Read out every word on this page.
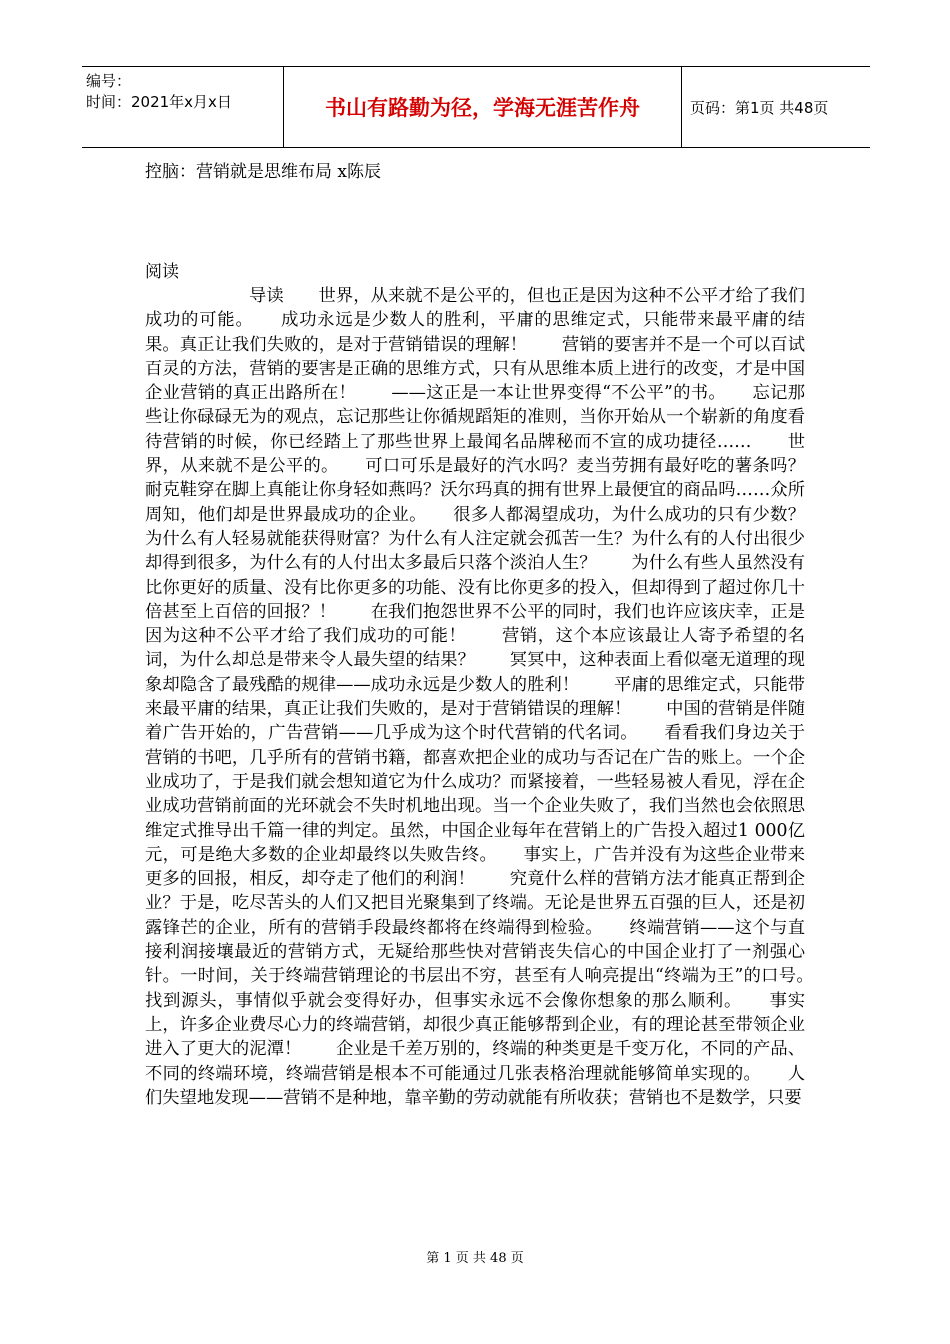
编号：
时间：2021年x月x日	书山有路勤为径，学海无涯苦作舟	页码：第1页 共48页
控脑：营销就是思维布局 x陈辰
阅读

导读　　世界，从来就不是公平的，但也正是因为这种不公平才给了我们成功的可能。　　成功永远是少数人的胜利，平庸的思维定式，只能带来最平庸的结果。真正让我们失败的，是对于营销错误的理解！　　营销的要害并不是一个可以百试百灵的方法，营销的要害是正确的思维方式，只有从思维本质上进行的改变，才是中国企业营销的真正出路所在！　　——这正是一本让世界变得“不公平”的书。　　忘记那些让你碌碌无为的观点，忘记那些让你循规蹈矩的准则，当你开始从一个崭新的角度看待营销的时候，你已经踏上了那些世界上最闻名品牌秘而不宣的成功捷径……　　世界，从来就不是公平的。　　可口可乐是最好的汽水吗？麦当劳拥有最好吃的薯条吗？耐克鞋穿在脚上真能让你身轻如燕吗？沃尔玛真的拥有世界上最便宜的商品吗……众所周知，他们却是世界最成功的企业。　　很多人都渴望成功，为什么成功的只有少数？　　为什么有人轻易就能获得财富？为什么有人注定就会孤苦一生？为什么有的人付出很少却得到很多，为什么有的人付出太多最后只落个淡泊人生？　　为什么有些人虽然没有比你更好的质量、没有比你更多的功能、没有比你更多的投入，但却得到了超过你几十倍甚至上百倍的回报？！　　在我们抱怨世界不公平的同时，我们也许应该庆幸，正是因为这种不公平才给了我们成功的可能！　　营销，这个本应该最让人寄予希望的名词，为什么却总是带来令人最失望的结果？　　冥冥中，这种表面上看似毫无道理的现象却隐含了最残酷的规律——成功永远是少数人的胜利！　　平庸的思维定式，只能带来最平庸的结果，真正让我们失败的，是对于营销错误的理解！　　中国的营销是伴随着广告开始的，广告营销——几乎成为这个时代营销的代名词。　　看看我们身边关于营销的书吧，几乎所有的营销书籍，都喜欢把企业的成功与否记在广告的账上。一个企业成功了，于是我们就会想知道它为什么成功？而紧接着，一些轻易被人看见，浮在企业成功营销前面的光环就会不失时机地出现。当一个企业失败了，我们当然也会依照思维定式推导出千篇一律的判定。虽然，中国企业每年在营销上的广告投入超过1 000亿元，可是绝大多数的企业却最终以失败告终。　　事实上，广告并没有为这些企业带来更多的回报，相反，却夺走了他们的利润！　　究竟什么样的营销方法才能真正帮到企业？于是，吃尽苦头的人们又把目光聚集到了终端。无论是世界五百强的巨人，还是初露锋芒的企业，所有的营销手段最终都将在终端得到检验。　　终端营销——这个与直接利润接壤最近的营销方式，无疑给那些快对营销丧失信心的中国企业打了一剂强心针。一时间，关于终端营销理论的书层出不穷，甚至有人响亮提出“终端为王”的口号。　　找到源头，事情似乎就会变得好办，但事实永远不会像你想象的那么顺利。　　事实上，许多企业费尽心力的终端营销，却很少真正能够帮到企业，有的理论甚至带领企业进入了更大的泥潭！　　企业是千差万别的，终端的种类更是千变万化，不同的产品、不同的终端环境，终端营销是根本不可能通过几张表格治理就能够简单实现的。　　人们失望地发现——营销不是种地，靠辛勤的劳动就能有所收获；营销也不是数学，只要

第 1 页 共 48 页
